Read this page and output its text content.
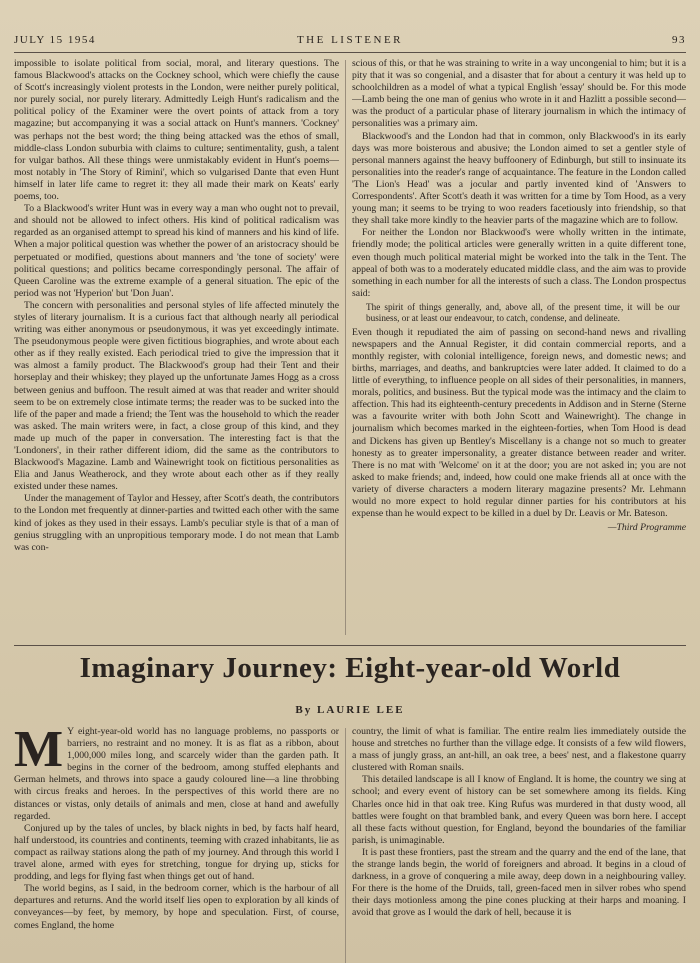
JULY 15 1954	THE LISTENER	93

impossible to isolate political from social, moral, and literary questions. The famous Blackwood's attacks on the Cockney school, which were chiefly the cause of Scott's increasingly violent protests in the London, were neither purely political, nor purely social, nor purely literary. Admittedly Leigh Hunt's radicalism and the political policy of the Examiner were the overt points of attack from a tory magazine; but accompanying it was a social attack on Hunt's manners. 'Cockney' was perhaps not the best word; the thing being attacked was the ethos of small, middle-class London suburbia with claims to culture; sentimentality, gush, a talent for vulgar bathos. All these things were unmistakably evident in Hunt's poems—most notably in 'The Story of Rimini', which so vulgarised Dante that even Hunt himself in later life came to regret it: they all made their mark on Keats' early poems, too.

To a Blackwood's writer Hunt was in every way a man who ought not to prevail, and should not be allowed to infect others. His kind of political radicalism was regarded as an organised attempt to spread his kind of manners and his kind of life. When a major political question was whether the power of an aristocracy should be perpetuated or modified, questions about manners and 'the tone of society' were political questions; and politics became correspondingly personal. The affair of Queen Caroline was the extreme example of a general situation. The epic of the period was not 'Hyperion' but 'Don Juan'.

The concern with personalities and personal styles of life affected minutely the styles of literary journalism. It is a curious fact that although nearly all periodical writing was either anonymous or pseudonymous, it was yet exceedingly intimate. The pseudonymous people were given fictitious biographies, and wrote about each other as if they really existed. Each periodical tried to give the impression that it was almost a family product. The Blackwood's group had their Tent and their horseplay and their whiskey; they played up the unfortunate James Hogg as a cross between genius and buffoon. The result aimed at was that reader and writer should seem to be on extremely close intimate terms; the reader was to be sucked into the life of the paper and made a friend; the Tent was the household to which the reader was asked. The main writers were, in fact, a close group of this kind, and they made up much of the paper in conversation. The interesting fact is that the 'Londoners', in their rather different idiom, did the same as the contributors to Blackwood's Magazine. Lamb and Wainewright took on fictitious personalities as Elia and Janus Weatherock, and they wrote about each other as if they really existed under these names.

Under the management of Taylor and Hessey, after Scott's death, the contributors to the London met frequently at dinner-parties and twitted each other with the same kind of jokes as they used in their essays. Lamb's peculiar style is that of a man of genius struggling with an unpropitious temporary mode. I do not mean that Lamb was con-

scious of this, or that he was straining to write in a way uncongenial to him; but it is a pity that it was so congenial, and a disaster that for about a century it was held up to schoolchildren as a model of what a typical English 'essay' should be. For this mode—Lamb being the one man of genius who wrote in it and Hazlitt a possible second—was the product of a particular phase of literary journalism in which the intimacy of personalities was a primary aim.

Blackwood's and the London had that in common, only Blackwood's in its early days was more boisterous and abusive; the London aimed to set a gentler style of personal manners against the heavy buffoonery of Edinburgh, but still to insinuate its personalities into the reader's range of acquaintance. The feature in the London called 'The Lion's Head' was a jocular and partly invented kind of 'Answers to Correspondents'. After Scott's death it was written for a time by Tom Hood, as a very young man; it seems to be trying to woo readers facetiously into friendship, so that they shall take more kindly to the heavier parts of the magazine which are to follow.

For neither the London nor Blackwood's were wholly written in the intimate, friendly mode; the political articles were generally written in a quite different tone, even though much political material might be worked into the talk in the Tent. The appeal of both was to a moderately educated middle class, and the aim was to provide something in each number for all the interests of such a class. The London prospectus said:

The spirit of things generally, and, above all, of the present time, it will be our business, or at least our endeavour, to catch, condense, and delineate.

Even though it repudiated the aim of passing on second-hand news and rivalling newspapers and the Annual Register, it did contain commercial reports, and a monthly register, with colonial intelligence, foreign news, and domestic news; and births, marriages, and deaths, and bankruptcies were later added. It claimed to do a little of everything, to influence people on all sides of their personalities, in manners, morals, politics, and business. But the typical mode was the intimacy and the claim to affection. This had its eighteenth-century precedents in Addison and in Sterne (Sterne was a favourite writer with both John Scott and Wainewright). The change in journalism which becomes marked in the eighteen-forties, when Tom Hood is dead and Dickens has given up Bentley's Miscellany is a change not so much to greater honesty as to greater impersonality, a greater distance between reader and writer. There is no mat with 'Welcome' on it at the door; you are not asked in; you are not asked to make friends; and, indeed, how could one make friends all at once with the variety of diverse characters a modern literary magazine presents? Mr. Lehmann would no more expect to hold regular dinner parties for his contributors at his expense than he would expect to be killed in a duel by Dr. Leavis or Mr. Bateson.

—Third Programme

Imaginary Journey: Eight-year-old World
By LAURIE LEE
M Y eight-year-old world has no language problems, no passports or barriers, no restraint and no money. It is as flat as a ribbon, about 1,000,000 miles long, and scarcely wider than the garden path. It begins in the corner of the bedroom, among stuffed elephants and German helmets, and throws into space a gaudy coloured line—a line throbbing with circus freaks and heroes. In the perspectives of this world there are no distances or vistas, only details of animals and men, close at hand and awefully regarded.

Conjured up by the tales of uncles, by black nights in bed, by facts half heard, half understood, its countries and continents, teeming with crazed inhabitants, lie as compact as railway stations along the path of my journey. And through this world I travel alone, armed with eyes for stretching, tongue for drying up, sticks for prodding, and legs for flying fast when things get out of hand.

The world begins, as I said, in the bedroom corner, which is the harbour of all departures and returns. And the world itself lies open to exploration by all kinds of conveyances—by feet, by memory, by hope and speculation. First, of course, comes England, the home

country, the limit of what is familiar. The entire realm lies immediately outside the house and stretches no further than the village edge. It consists of a few wild flowers, a mass of jungly grass, an ant-hill, an oak tree, a bees' nest, and a flakestone quarry clustered with Roman snails.

This detailed landscape is all I know of England. It is home, the country we sing at school; and every event of history can be set somewhere among its fields. King Charles once hid in that oak tree. King Rufus was murdered in that dusty wood, all battles were fought on that brambled bank, and every Queen was born here. I accept all these facts without question, for England, beyond the boundaries of the familiar parish, is unimaginable.

It is past these frontiers, past the stream and the quarry and the end of the lane, that the strange lands begin, the world of foreigners and abroad. It begins in a cloud of darkness, in a grove of conquering a mile away, deep down in a neighbouring valley. For there is the home of the Druids, tall, green-faced men in silver robes who spend their days motionless among the pine cones plucking at their harps and moaning. I avoid that grove as I would the dark of hell, because it is
